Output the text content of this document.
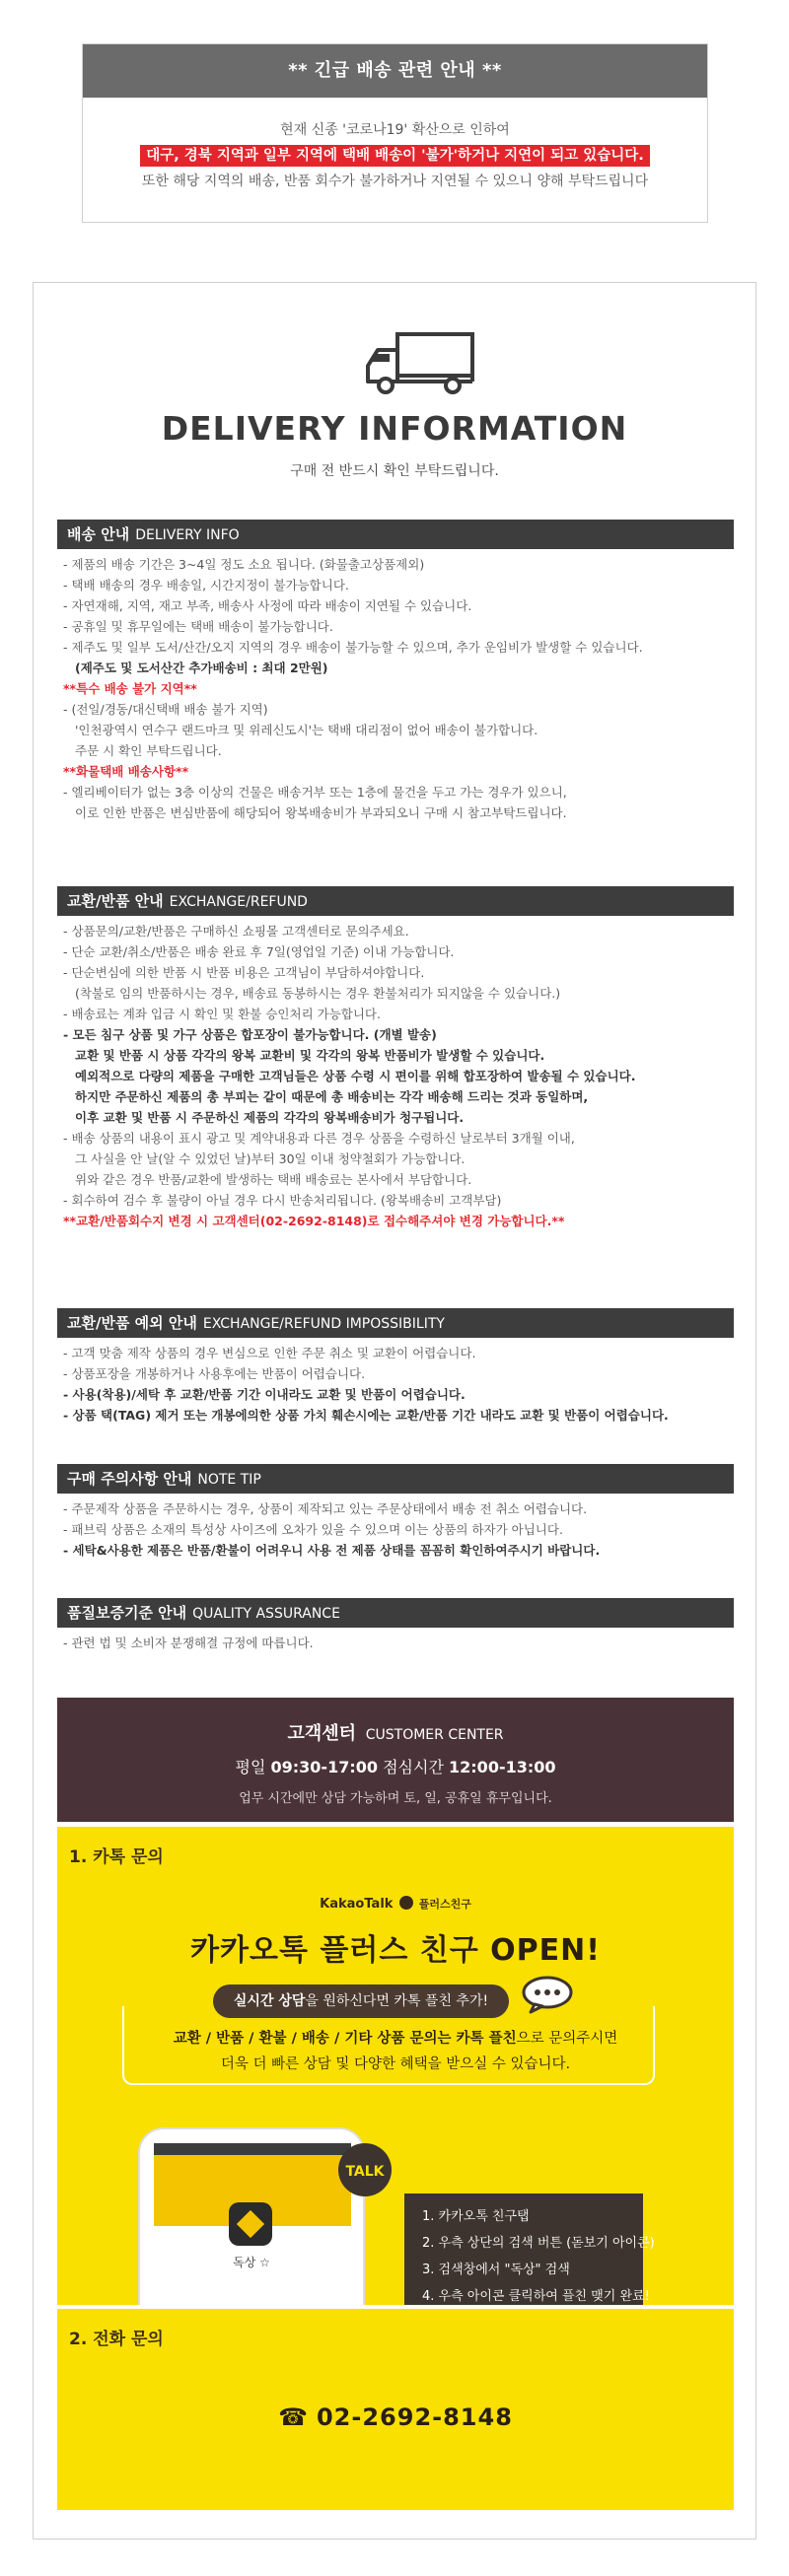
** 긴급 배송 관련 안내 **
현재 신종 '코로나19' 확산으로 인하여
대구, 경북 지역과 일부 지역에 택배 배송이 '불가'하거나 지연이 되고 있습니다.
또한 해당 지역의 배송, 반품 회수가 불가하거나 지연될 수 있으니 양해 부탁드립니다
DELIVERY INFORMATION
구매 전 반드시 확인 부탁드립니다.
배송 안내 DELIVERY INFO
- 제품의 배송 기간은 3~4일 정도 소요 됩니다. (화물출고상품제외)
- 택배 배송의 경우 배송일, 시간지정이 불가능합니다.
- 자연재해, 지역, 재고 부족, 배송사 사정에 따라 배송이 지연될 수 있습니다.
- 공휴일 및 휴무일에는 택배 배송이 불가능합니다.
- 제주도 및 일부 도서/산간/오지 지역의 경우 배송이 불가능할 수 있으며, 추가 운임비가 발생할 수 있습니다.
(제주도 및 도서산간 추가배송비 : 최대 2만원)
**특수 배송 불가 지역**
- (전일/경동/대신택배 배송 불가 지역)
'인천광역시 연수구 랜드마크 및 위레신도시'는 택배 대리점이 없어 배송이 불가합니다.
주문 시 확인 부탁드립니다.
**화물택배 배송사항**
- 엘리베이터가 없는 3층 이상의 건물은 배송거부 또는 1층에 물건을 두고 가는 경우가 있으니,
이로 인한 반품은 변심반품에 해당되어 왕복배송비가 부과되오니 구매 시 참고부탁드립니다.
교환/반품 안내 EXCHANGE/REFUND
- 상품문의/교환/반품은 구매하신 쇼핑몰 고객센터로 문의주세요.
- 단순 교환/취소/반품은 배송 완료 후 7일(영업일 기준) 이내 가능합니다.
- 단순변심에 의한 반품 시 반품 비용은 고객님이 부담하셔야합니다.
(착불로 임의 반품하시는 경우, 배송료 동봉하시는 경우 환불처리가 되지않을 수 있습니다.)
- 배송료는 계좌 입금 시 확인 및 환불 승인처리 가능합니다.
- 모든 침구 상품 및 가구 상품은 합포장이 불가능합니다. (개별 발송)
교환 및 반품 시 상품 각각의 왕복 교환비 및 각각의 왕복 반품비가 발생할 수 있습니다.
예외적으로 다량의 제품을 구매한 고객님들은 상품 수령 시 편이를 위해 합포장하여 발송될 수 있습니다.
하지만 주문하신 제품의 총 부피는 같이 때문에 총 배송비는 각각 배송해 드리는 것과 동일하며,
이후 교환 및 반품 시 주문하신 제품의 각각의 왕복배송비가 청구됩니다.
- 배송 상품의 내용이 표시 광고 및 계약내용과 다른 경우 상품을 수령하신 날로부터 3개월 이내,
그 사실을 안 날(알 수 있었던 날)부터 30일 이내 청약철회가 가능합니다.
위와 같은 경우 반품/교환에 발생하는 택배 배송료는 본사에서 부담합니다.
- 회수하여 검수 후 불량이 아닐 경우 다시 반송처리됩니다. (왕복배송비 고객부담)
**교환/반품회수지 변경 시 고객센터(02-2692-8148)로 접수해주셔야 변경 가능합니다.**
교환/반품 예외 안내 EXCHANGE/REFUND IMPOSSIBILITY
- 고객 맞춤 제작 상품의 경우 변심으로 인한 주문 취소 및 교환이 어렵습니다.
- 상품포장을 개봉하거나 사용후에는 반품이 어렵습니다.
- 사용(착용)/세탁 후 교환/반품 기간 이내라도 교환 및 반품이 어렵습니다.
- 상품 택(TAG) 제거 또는 개봉에의한 상품 가치 훼손시에는 교환/반품 기간 내라도 교환 및 반품이 어렵습니다.
구매 주의사항 안내 NOTE TIP
- 주문제작 상품을 주문하시는 경우, 상품이 제작되고 있는 주문상태에서 배송 전 취소 어렵습니다.
- 패브릭 상품은 소재의 특성상 사이즈에 오차가 있을 수 있으며 이는 상품의 하자가 아닙니다.
- 세탁&사용한 제품은 반품/환불이 어려우니 사용 전 제품 상태를 꼼꼼히 확인하여주시기 바랍니다.
품질보증기준 안내 QUALITY ASSURANCE
- 관련 법 및 소비자 분쟁해결 규정에 따릅니다.
고객센터 CUSTOMER CENTER
평일 09:30-17:00 점심시간 12:00-13:00
업무 시간에만 상담 가능하며 토, 일, 공휴일 휴무입니다.
1. 카톡 문의
KakaoTalk 플러스친구
카카오톡 플러스 친구 OPEN!
실시간 상담을 원하신다면 카톡 플친 추가!
교환 / 반품 / 환불 / 배송 / 기타 상품 문의는 카톡 플친으로 문의주시면
더욱 더 빠른 상담 및 다양한 혜택을 받으실 수 있습니다.
독상 ☆
TALK
1. 카카오톡 친구탭
2. 우측 상단의 검색 버튼 (돋보기 아이콘)
3. 검색창에서 "독상" 검색
4. 우측 아이콘 클릭하여 플친 맺기 완료!
2. 전화 문의
☎ 02-2692-8148
